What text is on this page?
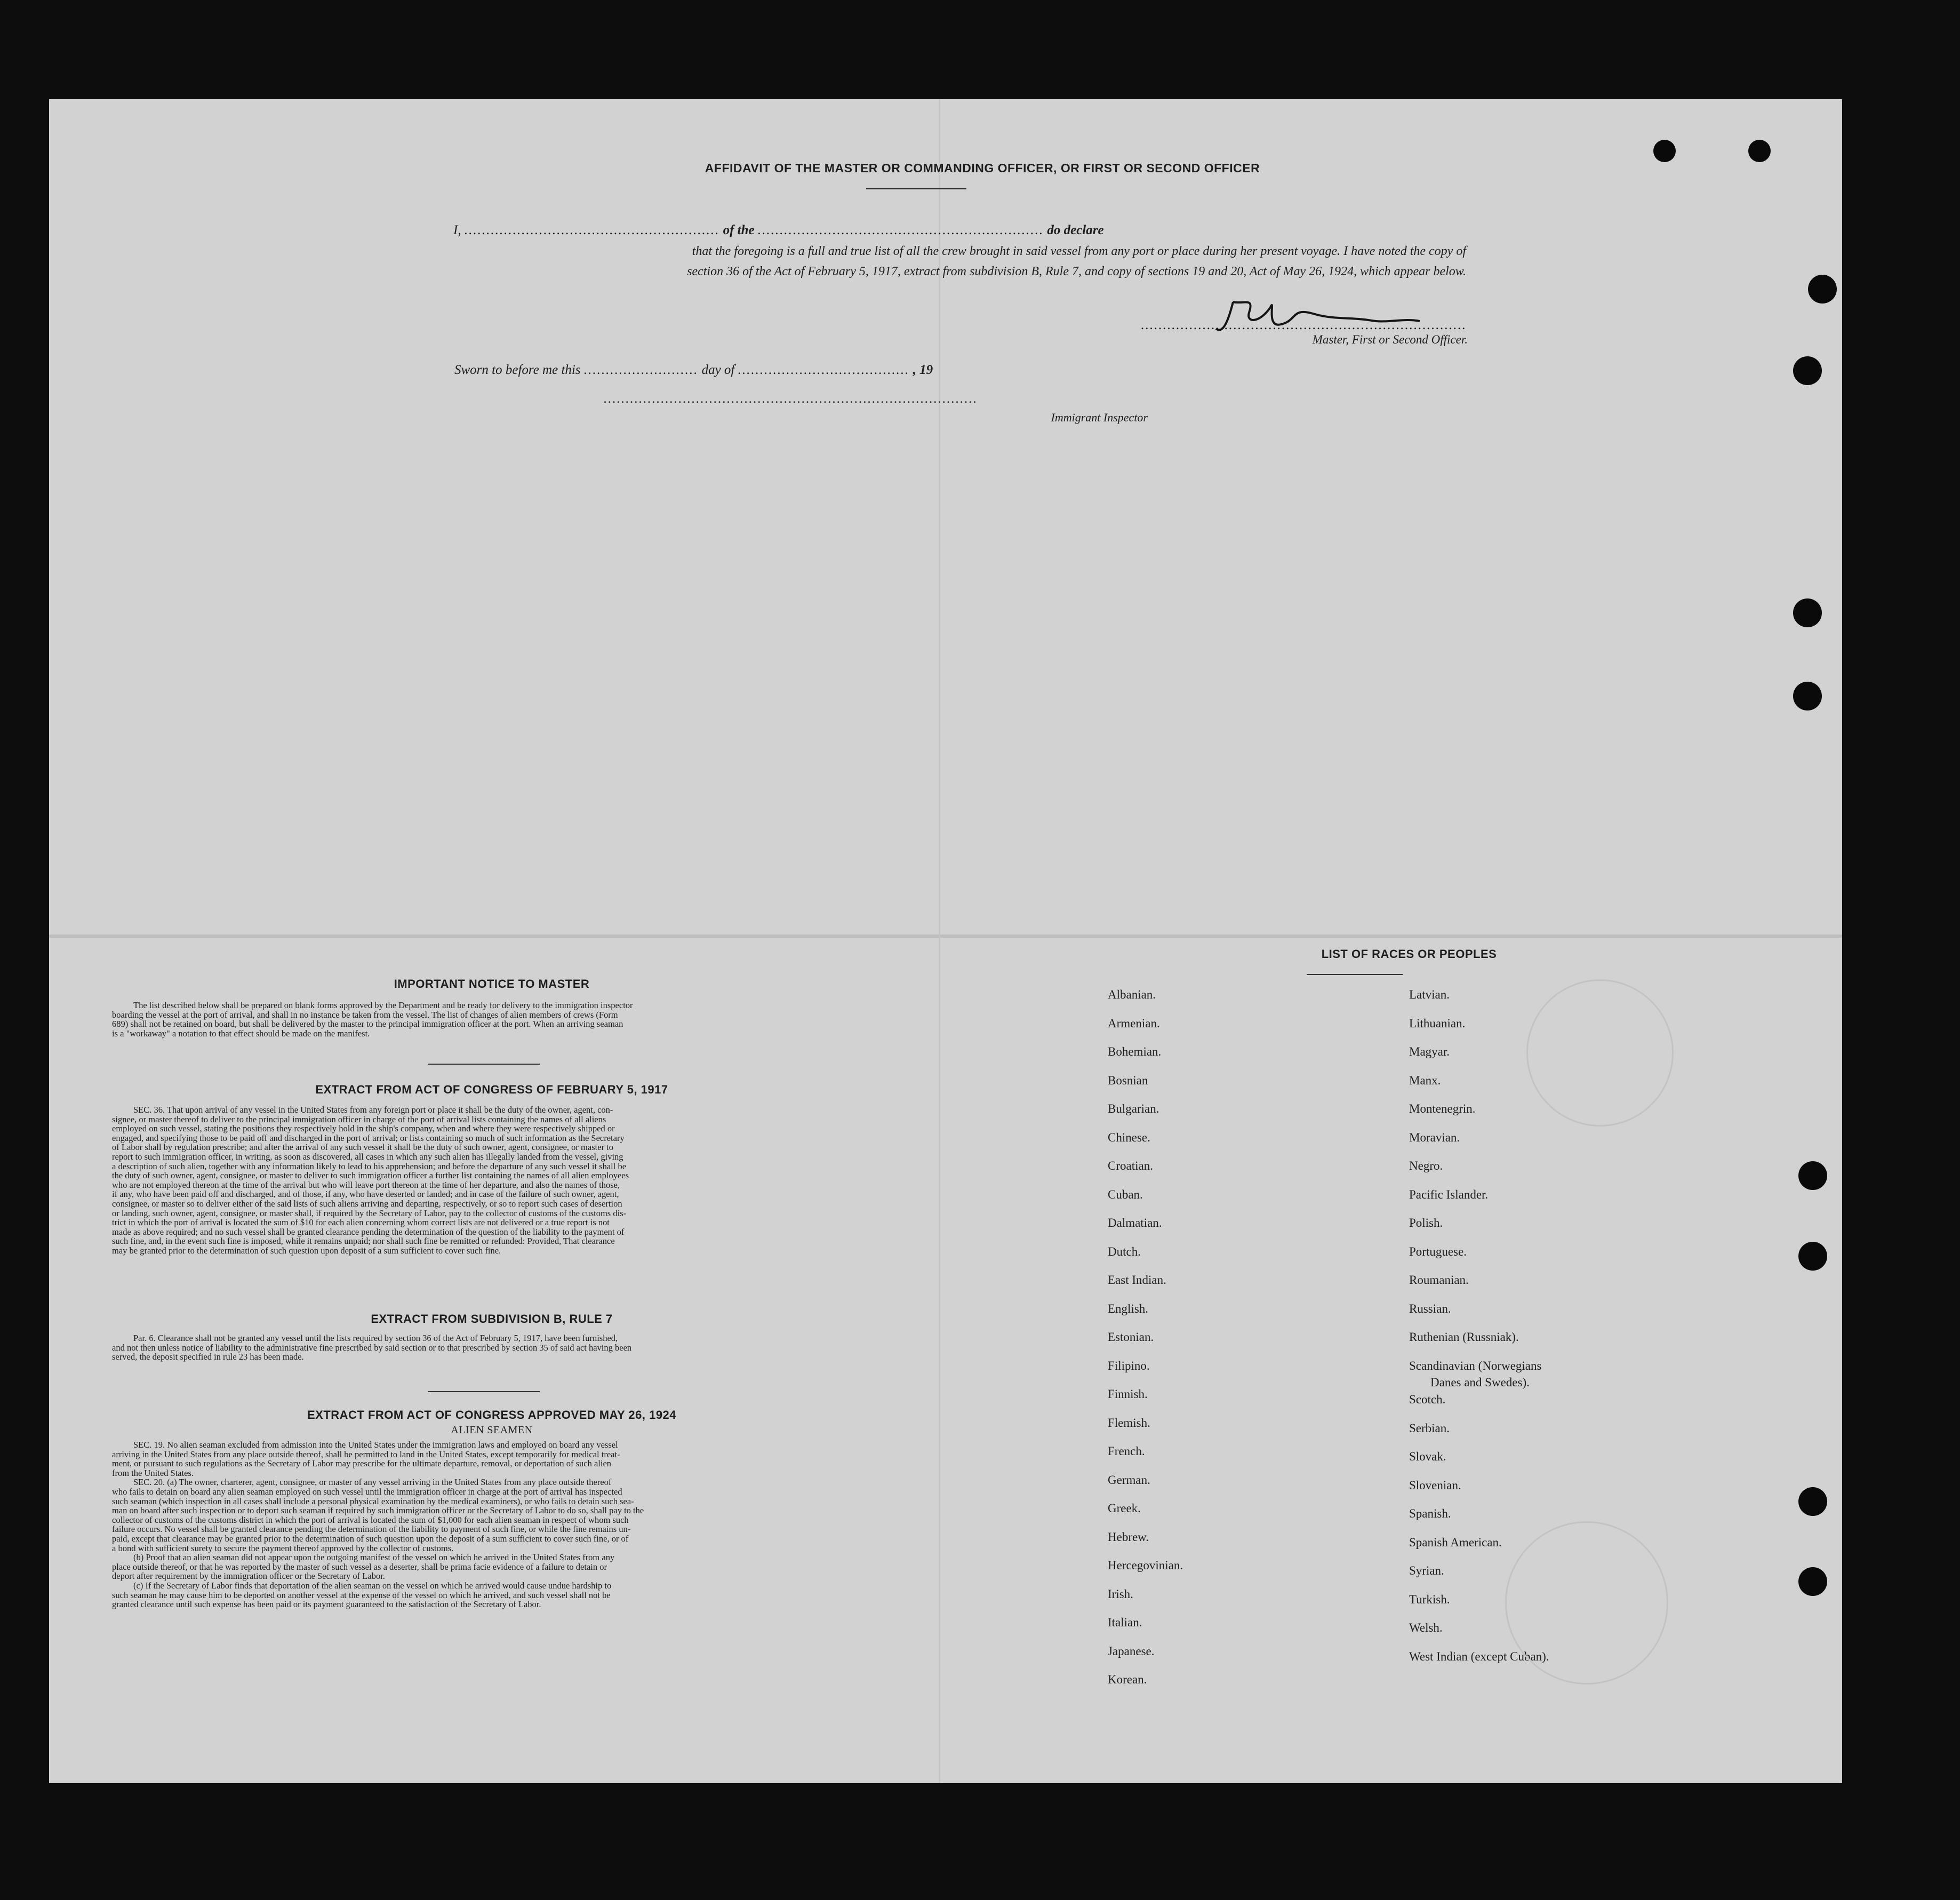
AFFIDAVIT OF THE MASTER OR COMMANDING OFFICER, OR FIRST OR SECOND OFFICER
I, .......................................................... of the ................................................................. do declare
that the foregoing is a full and true list of all the crew brought in said vessel from any port or place during her present voyage. I have noted the copy of
section 36 of the Act of February 5, 1917, extract from subdivision B, Rule 7, and copy of sections 19 and 20, Act of May 26, 1924, which appear below.
..........................................................................
Master, First or Second Officer.
Sworn to before me this .......................... day of ....................................... , 19
.....................................................................................
Immigrant Inspector
IMPORTANT NOTICE TO MASTER
The list described below shall be prepared on blank forms approved by the Department and be ready for delivery to the immigration inspector
boarding the vessel at the port of arrival, and shall in no instance be taken from the vessel. The list of changes of alien members of crews (Form
689) shall not be retained on board, but shall be delivered by the master to the principal immigration officer at the port. When an arriving seaman
is a "workaway" a notation to that effect should be made on the manifest.
EXTRACT FROM ACT OF CONGRESS OF FEBRUARY 5, 1917
SEC. 36. That upon arrival of any vessel in the United States from any foreign port or place it shall be the duty of the owner, agent, con-
signee, or master thereof to deliver to the principal immigration officer in charge of the port of arrival lists containing the names of all aliens
employed on such vessel, stating the positions they respectively hold in the ship's company, when and where they were respectively shipped or
engaged, and specifying those to be paid off and discharged in the port of arrival; or lists containing so much of such information as the Secretary
of Labor shall by regulation prescribe; and after the arrival of any such vessel it shall be the duty of such owner, agent, consignee, or master to
report to such immigration officer, in writing, as soon as discovered, all cases in which any such alien has illegally landed from the vessel, giving
a description of such alien, together with any information likely to lead to his apprehension; and before the departure of any such vessel it shall be
the duty of such owner, agent, consignee, or master to deliver to such immigration officer a further list containing the names of all alien employees
who are not employed thereon at the time of the arrival but who will leave port thereon at the time of her departure, and also the names of those,
if any, who have been paid off and discharged, and of those, if any, who have deserted or landed; and in case of the failure of such owner, agent,
consignee, or master so to deliver either of the said lists of such aliens arriving and departing, respectively, or so to report such cases of desertion
or landing, such owner, agent, consignee, or master shall, if required by the Secretary of Labor, pay to the collector of customs of the customs dis-
trict in which the port of arrival is located the sum of $10 for each alien concerning whom correct lists are not delivered or a true report is not
made as above required; and no such vessel shall be granted clearance pending the determination of the question of the liability to the payment of
such fine, and, in the event such fine is imposed, while it remains unpaid; nor shall such fine be remitted or refunded: Provided, That clearance
may be granted prior to the determination of such question upon deposit of a sum sufficient to cover such fine.
EXTRACT FROM SUBDIVISION B, RULE 7
Par. 6. Clearance shall not be granted any vessel until the lists required by section 36 of the Act of February 5, 1917, have been furnished,
and not then unless notice of liability to the administrative fine prescribed by said section or to that prescribed by section 35 of said act having been
served, the deposit specified in rule 23 has been made.
EXTRACT FROM ACT OF CONGRESS APPROVED MAY 26, 1924
ALIEN SEAMEN
SEC. 19. No alien seaman excluded from admission into the United States under the immigration laws and employed on board any vessel
arriving in the United States from any place outside thereof, shall be permitted to land in the United States, except temporarily for medical treat-
ment, or pursuant to such regulations as the Secretary of Labor may prescribe for the ultimate departure, removal, or deportation of such alien
from the United States.
SEC. 20. (a) The owner, charterer, agent, consignee, or master of any vessel arriving in the United States from any place outside thereof
who fails to detain on board any alien seaman employed on such vessel until the immigration officer in charge at the port of arrival has inspected
such seaman (which inspection in all cases shall include a personal physical examination by the medical examiners), or who fails to detain such sea-
man on board after such inspection or to deport such seaman if required by such immigration officer or the Secretary of Labor to do so, shall pay to the
collector of customs of the customs district in which the port of arrival is located the sum of $1,000 for each alien seaman in respect of whom such
failure occurs. No vessel shall be granted clearance pending the determination of the liability to payment of such fine, or while the fine remains un-
paid, except that clearance may be granted prior to the determination of such question upon the deposit of a sum sufficient to cover such fine, or of
a bond with sufficient surety to secure the payment thereof approved by the collector of customs.
(b) Proof that an alien seaman did not appear upon the outgoing manifest of the vessel on which he arrived in the United States from any
place outside thereof, or that he was reported by the master of such vessel as a deserter, shall be prima facie evidence of a failure to detain or
deport after requirement by the immigration officer or the Secretary of Labor.
(c) If the Secretary of Labor finds that deportation of the alien seaman on the vessel on which he arrived would cause undue hardship to
such seaman he may cause him to be deported on another vessel at the expense of the vessel on which he arrived, and such vessel shall not be
granted clearance until such expense has been paid or its payment guaranteed to the satisfaction of the Secretary of Labor.
LIST OF RACES OR PEOPLES
Albanian.
Armenian.
Bohemian.
Bosnian
Bulgarian.
Chinese.
Croatian.
Cuban.
Dalmatian.
Dutch.
East Indian.
English.
Estonian.
Filipino.
Finnish.
Flemish.
French.
German.
Greek.
Hebrew.
Hercegovinian.
Irish.
Italian.
Japanese.
Korean.
Latvian.
Lithuanian.
Magyar.
Manx.
Montenegrin.
Moravian.
Negro.
Pacific Islander.
Polish.
Portuguese.
Roumanian.
Russian.
Ruthenian (Russniak).
Scandinavian (Norwegians
Danes and Swedes).
Scotch.
Serbian.
Slovak.
Slovenian.
Spanish.
Spanish American.
Syrian.
Turkish.
Welsh.
West Indian (except Cuban).
